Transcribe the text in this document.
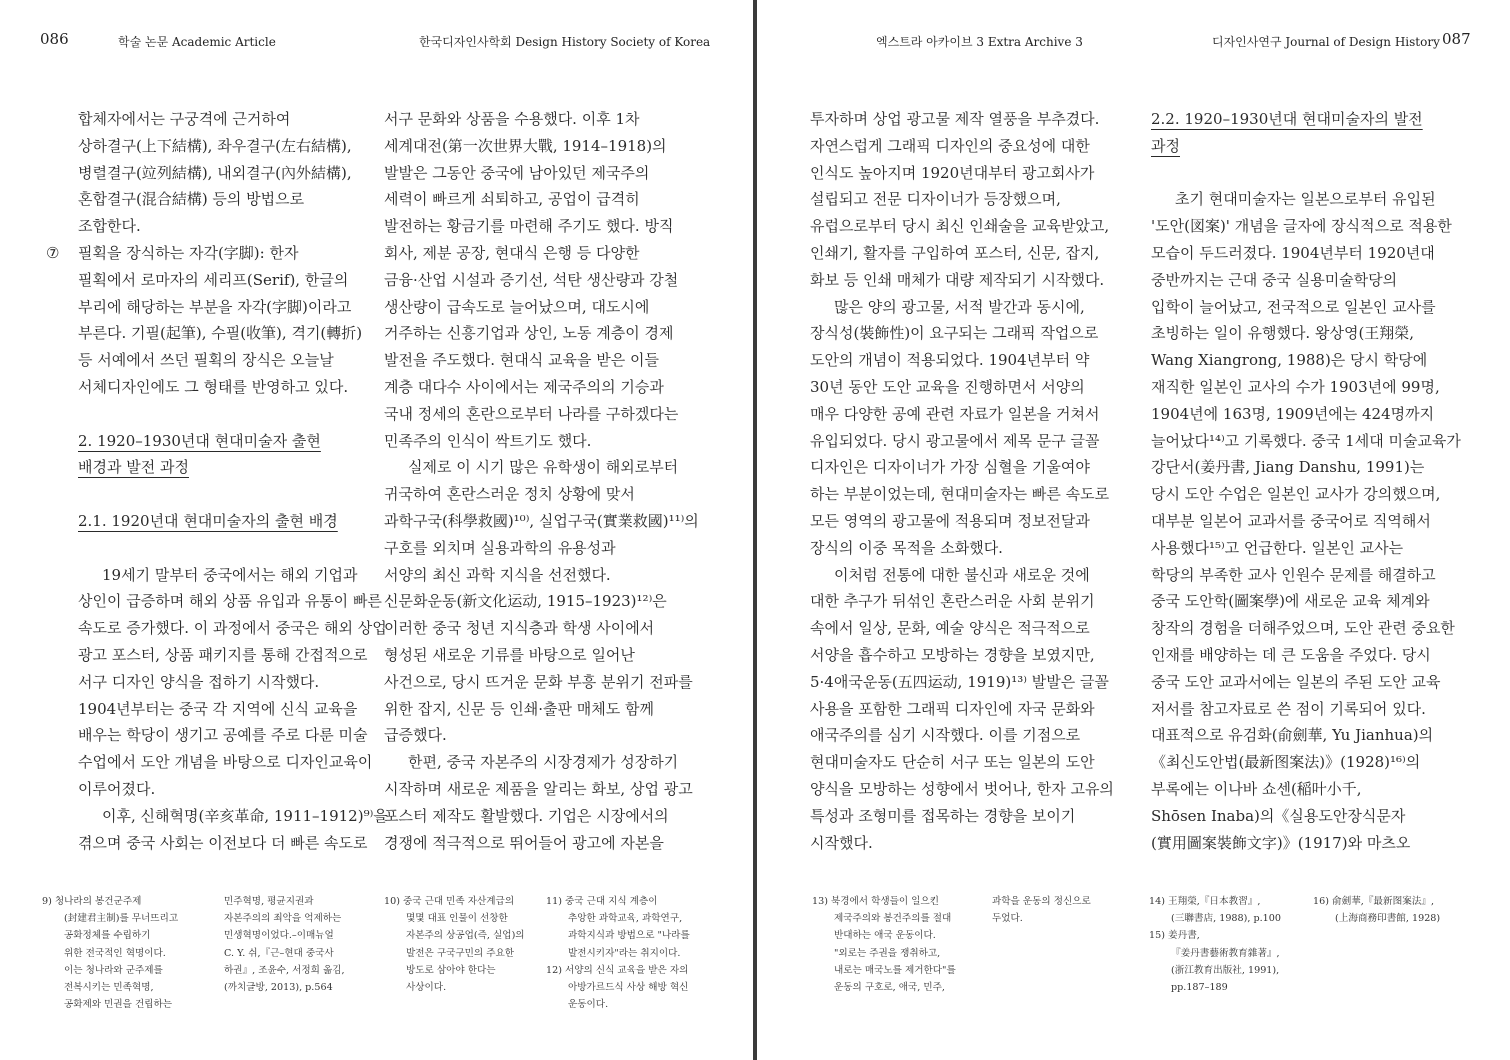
086	학술 논문 Academic Article	한국디자인사학회 Design History Society of Korea
합체자에서는 구궁격에 근거하여
상하결구(上下結構), 좌우결구(左右結構),
병렬결구(竝列結構), 내외결구(內外結構),
혼합결구(混合結構) 등의 방법으로
조합한다.
⑦ 필획을 장식하는 자각(字脚): 한자
필획에서 로마자의 세리프(Serif), 한글의
부리에 해당하는 부분을 자각(字脚)이라고
부른다. 기필(起筆), 수필(收筆), 격기(轉折)
등 서예에서 쓰던 필획의 장식은 오늘날
서체디자인에도 그 형태를 반영하고 있다.
2. 1920–1930년대 현대미술자 출현
배경과 발전 과정
2.1. 1920년대 현대미술자의 출현 배경
19세기 말부터 중국에서는 해외 기업과
상인이 급증하며 해외 상품 유입과 유통이 빠른
속도로 증가했다. 이 과정에서 중국은 해외 상업
광고 포스터, 상품 패키지를 통해 간접적으로
서구 디자인 양식을 접하기 시작했다.
1904년부터는 중국 각 지역에 신식 교육을
배우는 학당이 생기고 공예를 주로 다룬 미술
수업에서 도안 개념을 바탕으로 디자인교육이
이루어졌다.
이후, 신해혁명(辛亥革命, 1911–1912)⁹⁾을
겪으며 중국 사회는 이전보다 더 빠른 속도로
서구 문화와 상품을 수용했다. 이후 1차
세계대전(第一次世界大戰, 1914–1918)의
발발은 그동안 중국에 남아있던 제국주의
세력이 빠르게 쇠퇴하고, 공업이 급격히
발전하는 황금기를 마련해 주기도 했다. 방직
회사, 제분 공장, 현대식 은행 등 다양한
금융·산업 시설과 증기선, 석탄 생산량과 강철
생산량이 급속도로 늘어났으며, 대도시에
거주하는 신흥기업과 상인, 노동 계층이 경제
발전을 주도했다. 현대식 교육을 받은 이들
계층 대다수 사이에서는 제국주의의 기승과
국내 정세의 혼란으로부터 나라를 구하겠다는
민족주의 인식이 싹트기도 했다.
실제로 이 시기 많은 유학생이 해외로부터
귀국하여 혼란스러운 정치 상황에 맞서
과학구국(科學救國)¹⁰⁾, 실업구국(實業救國)¹¹⁾의
구호를 외치며 실용과학의 유용성과
서양의 최신 과학 지식을 선전했다.
신문화운동(新文化运动, 1915–1923)¹²⁾은
이러한 중국 청년 지식층과 학생 사이에서
형성된 새로운 기류를 바탕으로 일어난
사건으로, 당시 뜨거운 문화 부흥 분위기 전파를
위한 잡지, 신문 등 인쇄·출판 매체도 함께
급증했다.
한편, 중국 자본주의 시장경제가 성장하기
시작하며 새로운 제품을 알리는 화보, 상업 광고
포스터 제작도 활발했다. 기업은 시장에서의
경쟁에 적극적으로 뛰어들어 광고에 자본을
9) 청나라의 봉건군주제
(封建君主制)를 무너뜨리고
공화정체를 수립하기
위한 전국적인 혁명이다.
이는 청나라와 군주제를
전복시키는 민족혁명,
공화제와 민권을 건립하는
민주혁명, 평균지권과
자본주의의 죄악을 억제하는
민생혁명이었다.–이매뉴얼
C. Y. 쉬,『근–현대 중국사
하권』, 조윤수, 서정희 옮김,
(까치글방, 2013), p.564
10) 중국 근대 민족 자산계급의
몇몇 대표 인물이 선창한
자본주의 상공업(즉, 실업)의
발전은 구국구민의 주요한
방도로 삼아야 한다는
사상이다.
11) 중국 근대 지식 계층이
추앙한 과학교육, 과학연구,
과학지식과 방법으로 "나라를
발전시키자"라는 취지이다.
12) 서양의 신식 교육을 받은 자의
아방가르드식 사상 해방 혁신
운동이다.
엑스트라 아카이브 3 Extra Archive 3	디자인사연구 Journal of Design History 087
투자하며 상업 광고물 제작 열풍을 부추겼다.
자연스럽게 그래픽 디자인의 중요성에 대한
인식도 높아지며 1920년대부터 광고회사가
설립되고 전문 디자이너가 등장했으며,
유럽으로부터 당시 최신 인쇄술을 교육받았고,
인쇄기, 활자를 구입하여 포스터, 신문, 잡지,
화보 등 인쇄 매체가 대량 제작되기 시작했다.
많은 양의 광고물, 서적 발간과 동시에,
장식성(裝飾性)이 요구되는 그래픽 작업으로
도안의 개념이 적용되었다. 1904년부터 약
30년 동안 도안 교육을 진행하면서 서양의
매우 다양한 공예 관련 자료가 일본을 거쳐서
유입되었다. 당시 광고물에서 제목 문구 글꼴
디자인은 디자이너가 가장 심혈을 기울여야
하는 부분이었는데, 현대미술자는 빠른 속도로
모든 영역의 광고물에 적용되며 정보전달과
장식의 이중 목적을 소화했다.
이처럼 전통에 대한 불신과 새로운 것에
대한 추구가 뒤섞인 혼란스러운 사회 분위기
속에서 일상, 문화, 예술 양식은 적극적으로
서양을 흡수하고 모방하는 경향을 보였지만,
5·4애국운동(五四运动, 1919)¹³⁾ 발발은 글꼴
사용을 포함한 그래픽 디자인에 자국 문화와
애국주의를 심기 시작했다. 이를 기점으로
현대미술자도 단순히 서구 또는 일본의 도안
양식을 모방하는 성향에서 벗어나, 한자 고유의
특성과 조형미를 접목하는 경향을 보이기
시작했다.
2.2. 1920–1930년대 현대미술자의 발전
과정
초기 현대미술자는 일본으로부터 유입된
'도안(図案)' 개념을 글자에 장식적으로 적용한
모습이 두드러졌다. 1904년부터 1920년대
중반까지는 근대 중국 실용미술학당의
입학이 늘어났고, 전국적으로 일본인 교사를
초빙하는 일이 유행했다. 왕상영(王翔榮,
Wang Xiangrong, 1988)은 당시 학당에
재직한 일본인 교사의 수가 1903년에 99명,
1904년에 163명, 1909년에는 424명까지
늘어났다¹⁴⁾고 기록했다. 중국 1세대 미술교육가
강단서(姜丹書, Jiang Danshu, 1991)는
당시 도안 수업은 일본인 교사가 강의했으며,
대부분 일본어 교과서를 중국어로 직역해서
사용했다¹⁵⁾고 언급한다. 일본인 교사는
학당의 부족한 교사 인원수 문제를 해결하고
중국 도안학(圖案學)에 새로운 교육 체계와
창작의 경험을 더해주었으며, 도안 관련 중요한
인재를 배양하는 데 큰 도움을 주었다. 당시
중국 도안 교과서에는 일본의 주된 도안 교육
저서를 참고자료로 쓴 점이 기록되어 있다.
대표적으로 유검화(俞劍華, Yu Jianhua)의
《최신도안법(最新图案法)》(1928)¹⁶⁾의
부록에는 이나바 쇼센(稲叶小千,
Shōsen Inaba)의《실용도안장식문자
(實用圖案裝飾文字)》(1917)와 마츠오
13) 북경에서 학생들이 일으킨
제국주의와 봉건주의를 절대
반대하는 애국 운동이다.
"외로는 주권을 쟁취하고,
내로는 매국노를 제거한다"를
운동의 구호로, 애국, 민주,
과학을 운동의 정신으로
두었다.
14) 王翔榮,『日本教習』,
(三聯書店, 1988), p.100
15) 姜丹書,
『姜丹書藝術教育雜著』,
(浙江教育出版社, 1991),
pp.187–189
16) 俞劍華,『最新图案法』,
(上海商務印書館, 1928)
